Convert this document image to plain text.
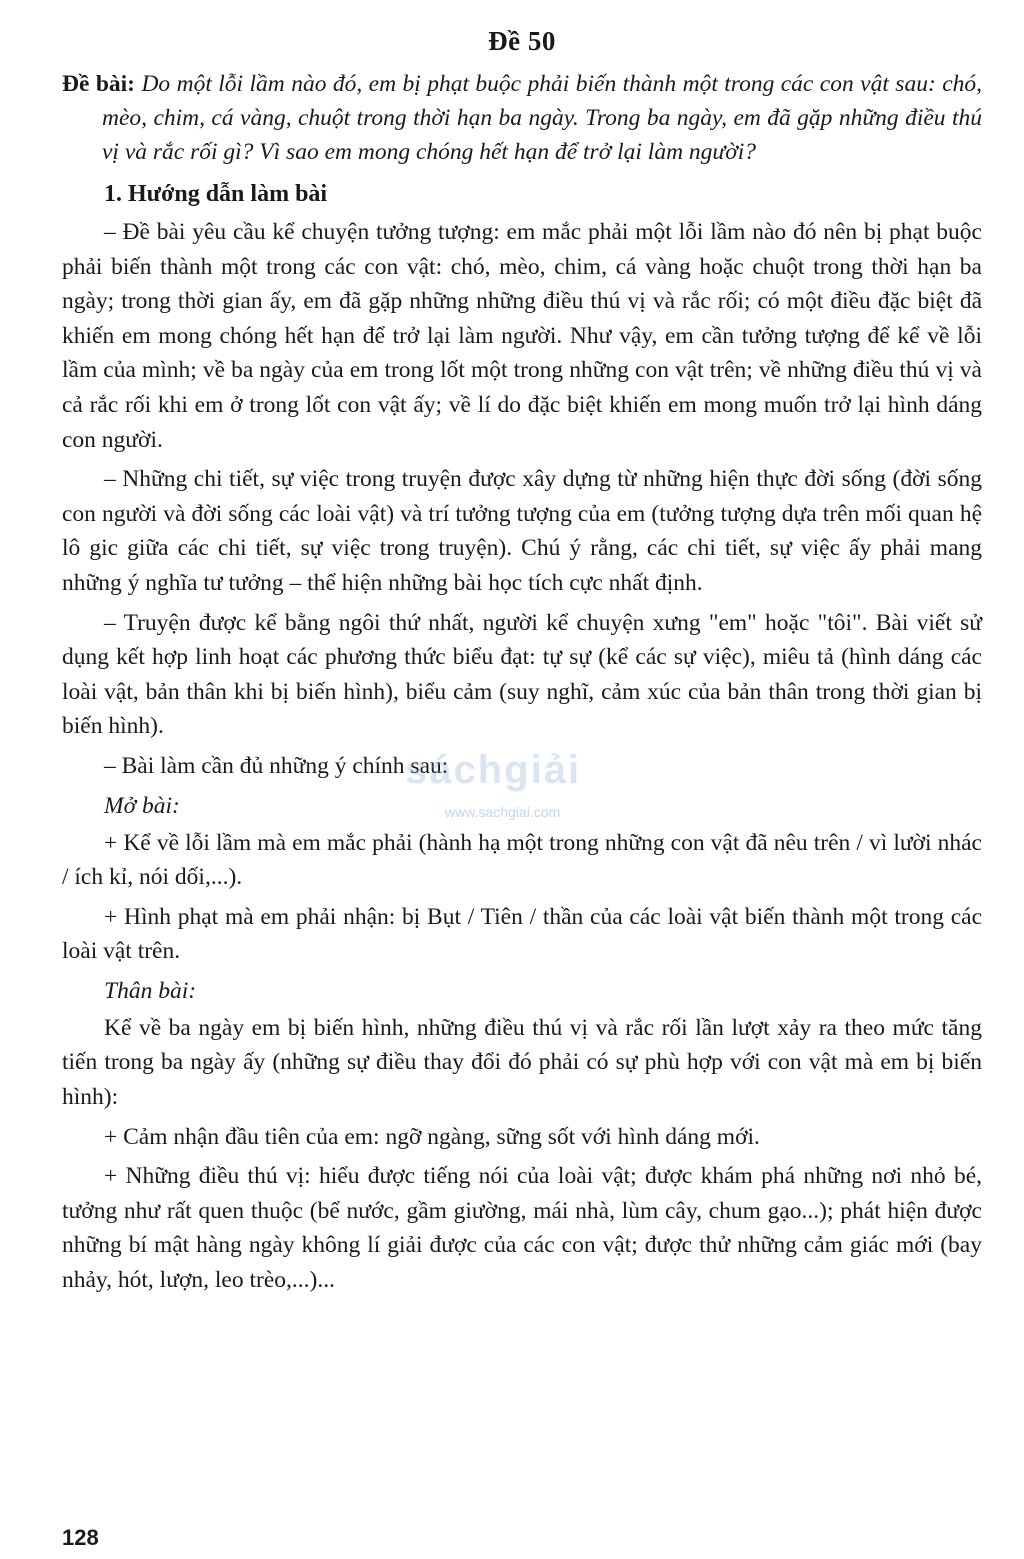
Đề 50
Đề bài: Do một lỗi lầm nào đó, em bị phạt buộc phải biến thành một trong các con vật sau: chó, mèo, chim, cá vàng, chuột trong thời hạn ba ngày. Trong ba ngày, em đã gặp những điều thú vị và rắc rối gì? Vì sao em mong chóng hết hạn để trở lại làm người?
1. Hướng dẫn làm bài

– Đề bài yêu cầu kể chuyện tưởng tượng: em mắc phải một lỗi lầm nào đó nên bị phạt buộc phải biến thành một trong các con vật: chó, mèo, chim, cá vàng hoặc chuột trong thời hạn ba ngày; trong thời gian ấy, em đã gặp những những điều thú vị và rắc rối; có một điều đặc biệt đã khiến em mong chóng hết hạn để trở lại làm người. Như vậy, em cần tưởng tượng để kể về lỗi lầm của mình; về ba ngày của em trong lốt một trong những con vật trên; về những điều thú vị và cả rắc rối khi em ở trong lốt con vật ấy; về lí do đặc biệt khiến em mong muốn trở lại hình dáng con người.

– Những chi tiết, sự việc trong truyện được xây dựng từ những hiện thực đời sống (đời sống con người và đời sống các loài vật) và trí tưởng tượng của em (tưởng tượng dựa trên mối quan hệ lô gic giữa các chi tiết, sự việc trong truyện). Chú ý rằng, các chi tiết, sự việc ấy phải mang những ý nghĩa tư tưởng – thể hiện những bài học tích cực nhất định.

– Truyện được kể bằng ngôi thứ nhất, người kể chuyện xưng "em" hoặc "tôi". Bài viết sử dụng kết hợp linh hoạt các phương thức biểu đạt: tự sự (kể các sự việc), miêu tả (hình dáng các loài vật, bản thân khi bị biến hình), biểu cảm (suy nghĩ, cảm xúc của bản thân trong thời gian bị biến hình).

– Bài làm cần đủ những ý chính sau:

Mở bài:

+ Kể về lỗi lầm mà em mắc phải (hành hạ một trong những con vật đã nêu trên / vì lười nhác / ích kỉ, nói dối,...).

+ Hình phạt mà em phải nhận: bị Bụt / Tiên / thần của các loài vật biến thành một trong các loài vật trên.

Thân bài:

Kể về ba ngày em bị biến hình, những điều thú vị và rắc rối lần lượt xảy ra theo mức tăng tiến trong ba ngày ấy (những sự điều thay đổi đó phải có sự phù hợp với con vật mà em bị biến hình):

+ Cảm nhận đầu tiên của em: ngỡ ngàng, sững sốt với hình dáng mới.

+ Những điều thú vị: hiểu được tiếng nói của loài vật; được khám phá những nơi nhỏ bé, tưởng như rất quen thuộc (bể nước, gầm giường, mái nhà, lùm cây, chum gạo...); phát hiện được những bí mật hàng ngày không lí giải được của các con vật; được thử những cảm giác mới (bay nhảy, hót, lượn, leo trèo,...)...

sáchgiải
www.sachgiai.com
128
